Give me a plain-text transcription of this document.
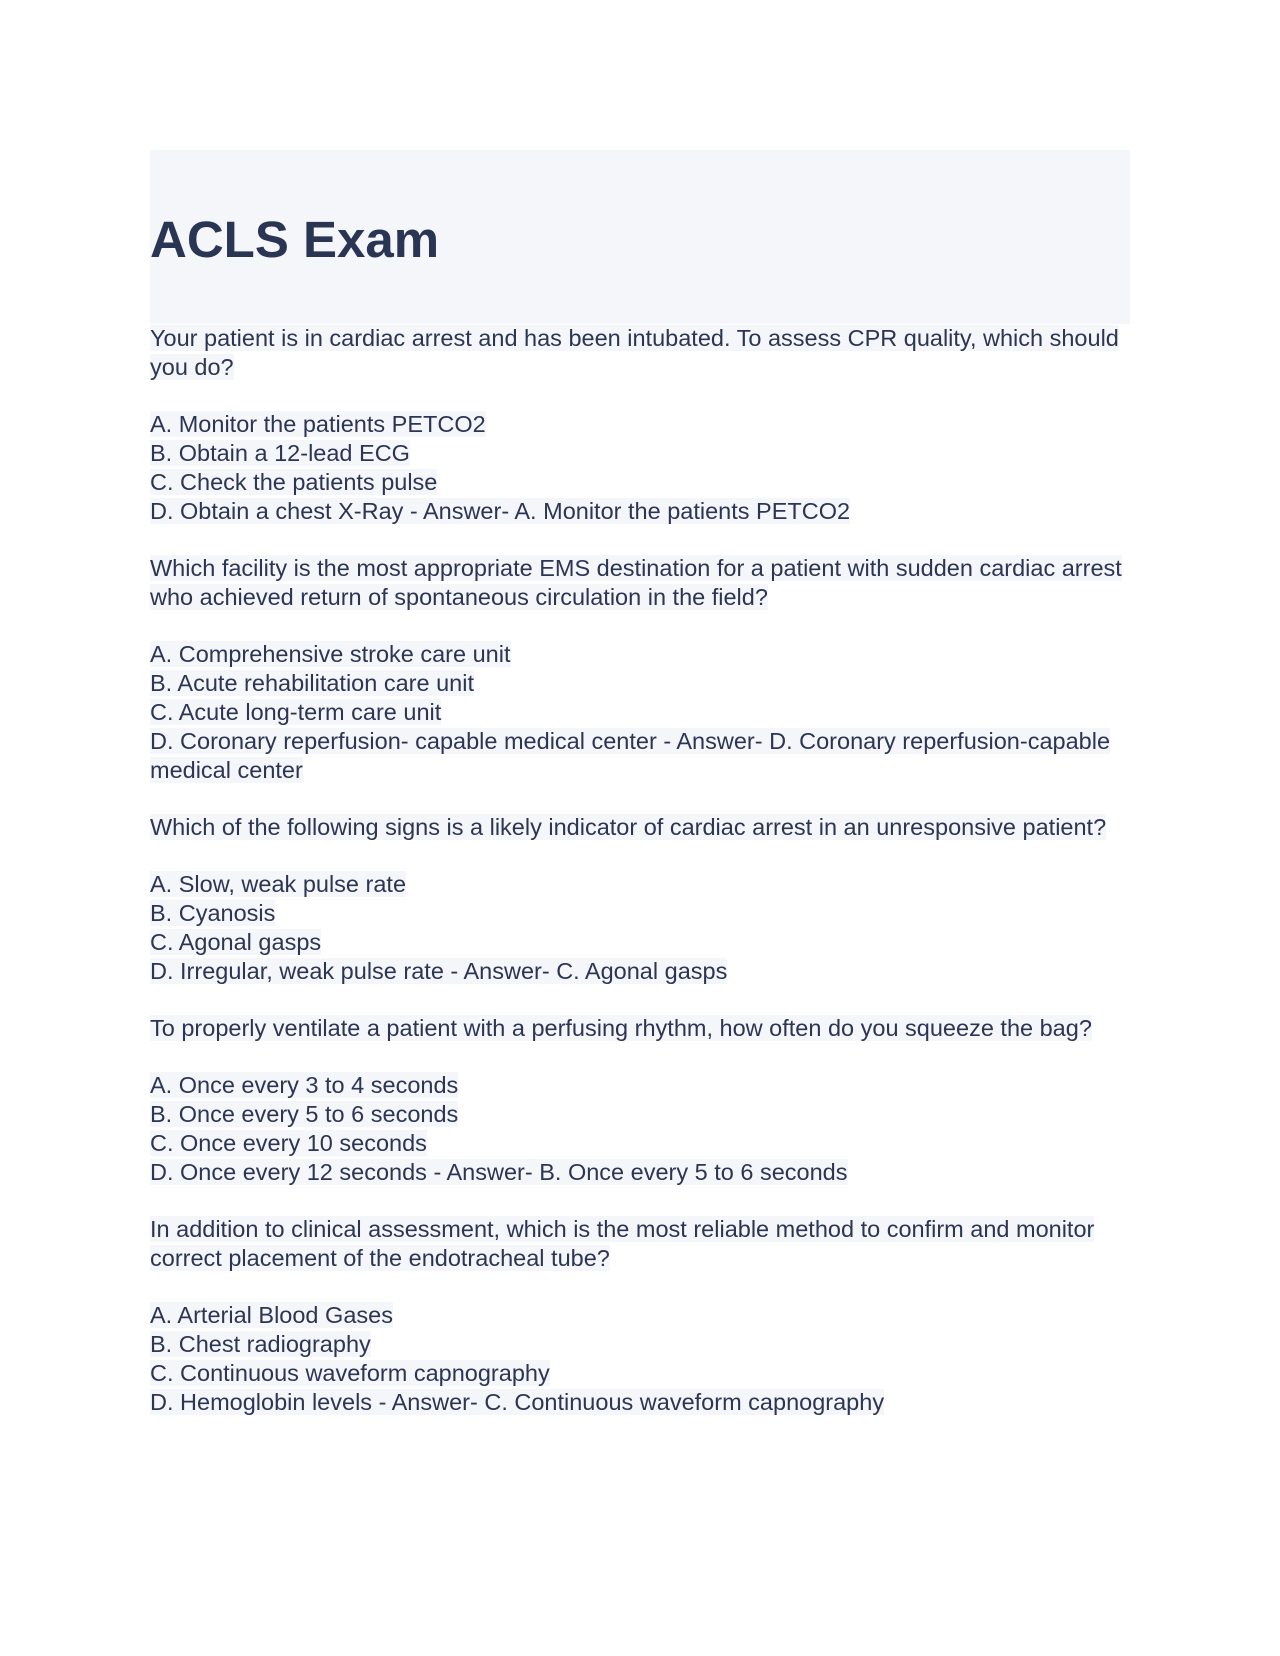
ACLS Exam

Your patient is in cardiac arrest and has been intubated. To assess CPR quality, which should you do?

A. Monitor the patients PETCO2
B. Obtain a 12-lead ECG
C. Check the patients pulse
D. Obtain a chest X-Ray - Answer- A. Monitor the patients PETCO2

Which facility is the most appropriate EMS destination for a patient with sudden cardiac arrest who achieved return of spontaneous circulation in the field?

A. Comprehensive stroke care unit
B. Acute rehabilitation care unit
C. Acute long-term care unit
D. Coronary reperfusion- capable medical center - Answer- D. Coronary reperfusion-capable medical center

Which of the following signs is a likely indicator of cardiac arrest in an unresponsive patient?

A. Slow, weak pulse rate
B. Cyanosis
C. Agonal gasps
D. Irregular, weak pulse rate - Answer- C. Agonal gasps

To properly ventilate a patient with a perfusing rhythm, how often do you squeeze the bag?

A. Once every 3 to 4 seconds
B. Once every 5 to 6 seconds
C. Once every 10 seconds
D. Once every 12 seconds - Answer- B. Once every 5 to 6 seconds

In addition to clinical assessment, which is the most reliable method to confirm and monitor correct placement of the endotracheal tube?

A. Arterial Blood Gases
B. Chest radiography
C. Continuous waveform capnography
D. Hemoglobin levels - Answer- C. Continuous waveform capnography
